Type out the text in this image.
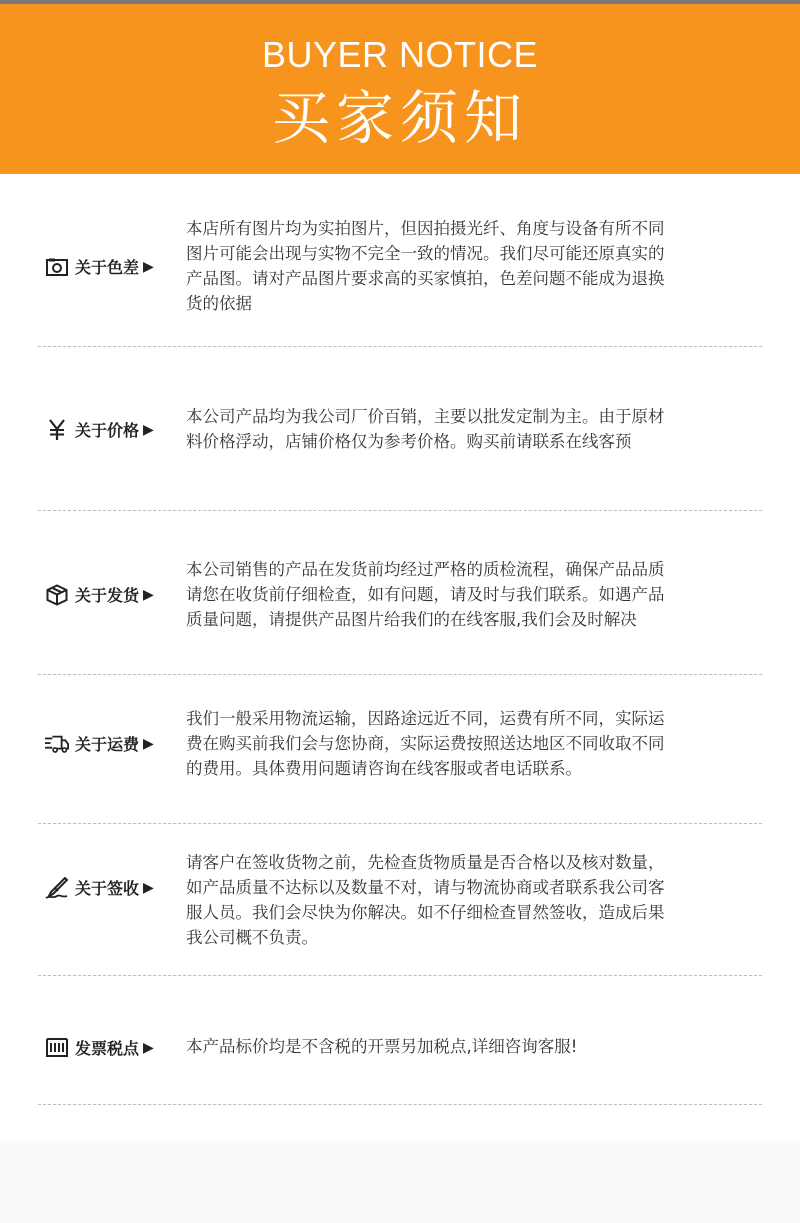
BUYER NOTICE
买家须知
关于色差 ▶
本店所有图片均为实拍图片，但因拍摄光纤、角度与设备有所不同
图片可能会出现与实物不完全一致的情况。我们尽可能还原真实的
产品图。请对产品图片要求高的买家慎拍，色差问题不能成为退换
货的依据
关于价格 ▶
本公司产品均为我公司厂价百销，主要以批发定制为主。由于原材
料价格浮动，店铺价格仅为参考价格。购买前请联系在线客预
关于发货 ▶
本公司销售的产品在发货前均经过严格的质检流程，确保产品品质
请您在收货前仔细检查，如有问题，请及时与我们联系。如遇产品
质量问题，请提供产品图片给我们的在线客服,我们会及时解决
关于运费 ▶
我们一般采用物流运输，因路途远近不同，运费有所不同，实际运
费在购买前我们会与您协商，实际运费按照送达地区不同收取不同
的费用。具体费用问题请咨询在线客服或者电话联系。
关于签收 ▶
请客户在签收货物之前，先检查货物质量是否合格以及核对数量，
如产品质量不达标以及数量不对，请与物流协商或者联系我公司客
服人员。我们会尽快为你解决。如不仔细检查冒然签收，造成后果
我公司概不负责。
发票税点 ▶ 本产品标价均是不含税的开票另加税点,详细咨询客服!
